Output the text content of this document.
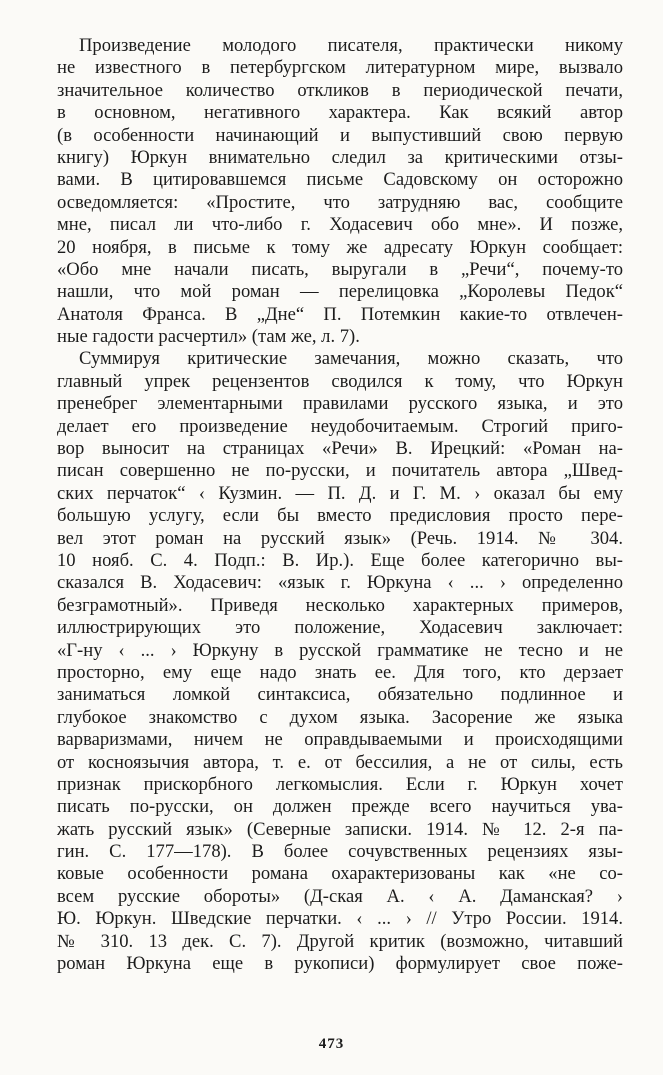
Произведение молодого писателя, практически никому
не известного в петербургском литературном мире, вызвало
значительное количество откликов в периодической печати,
в основном, негативного характера. Как всякий автор
(в особенности начинающий и выпустивший свою первую
книгу) Юркун внимательно следил за критическими отзы-
вами. В цитировавшемся письме Садовскому он осторожно
осведомляется: «Простите, что затрудняю вас, сообщите
мне, писал ли что-либо г. Ходасевич обо мне». И позже,
20 ноября, в письме к тому же адресату Юркун сообщает:
«Обо мне начали писать, выругали в „Речи“, почему-то
нашли, что мой роман — перелицовка „Королевы Педок“
Анатоля Франса. В „Дне“ П. Потемкин какие-то отвлечен-
ные гадости расчертил» (там же, л. 7).
Суммируя критические замечания, можно сказать, что
главный упрек рецензентов сводился к тому, что Юркун
пренебрег элементарными правилами русского языка, и это
делает его произведение неудобочитаемым. Строгий приго-
вор выносит на страницах «Речи» В. Ирецкий: «Роман на-
писан совершенно не по-русски, и почитатель автора „Швед-
ских перчаток“ ‹ Кузмин. — П. Д. и Г. М. › оказал бы ему
большую услугу, если бы вместо предисловия просто пере-
вел этот роман на русский язык» (Речь. 1914. № 304.
10 нояб. С. 4. Подп.: В. Ир.). Еще более категорично вы-
сказался В. Ходасевич: «язык г. Юркуна ‹ ... › определенно
безграмотный». Приведя несколько характерных примеров,
иллюстрирующих это положение, Ходасевич заключает:
«Г-ну ‹ ... › Юркуну в русской грамматике не тесно и не
просторно, ему еще надо знать ее. Для того, кто дерзает
заниматься ломкой синтаксиса, обязательно подлинное и
глубокое знакомство с духом языка. Засорение же языка
варваризмами, ничем не оправдываемыми и происходящими
от косноязычия автора, т. е. от бессилия, а не от силы, есть
признак прискорбного легкомыслия. Если г. Юркун хочет
писать по-русски, он должен прежде всего научиться ува-
жать русский язык» (Северные записки. 1914. № 12. 2-я па-
гин. С. 177—178). В более сочувственных рецензиях язы-
ковые особенности романа охарактеризованы как «не со-
всем русские обороты» (Д-ская А. ‹ А. Даманская? ›
Ю. Юркун. Шведские перчатки. ‹ ... › // Утро России. 1914.
№ 310. 13 дек. С. 7). Другой критик (возможно, читавший
роман Юркуна еще в рукописи) формулирует свое поже-
473
